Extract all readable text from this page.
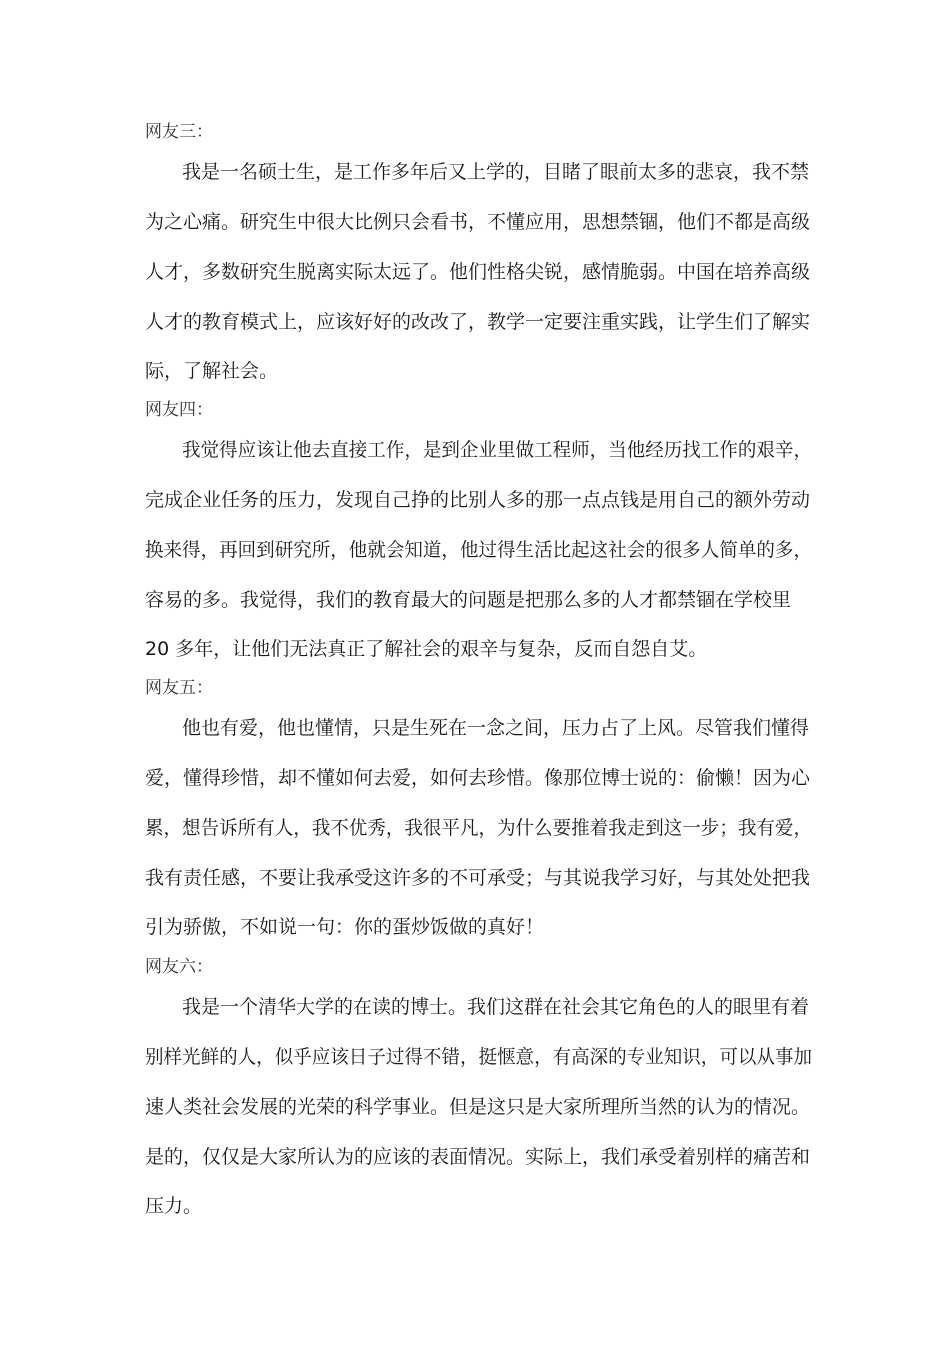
网友三：
我是一名硕士生，是工作多年后又上学的，目睹了眼前太多的悲哀，我不禁
为之心痛。研究生中很大比例只会看书，不懂应用，思想禁锢，他们不都是高级
人才，多数研究生脱离实际太远了。他们性格尖锐，感情脆弱。中国在培养高级
人才的教育模式上，应该好好的改改了，教学一定要注重实践，让学生们了解实
际，了解社会。
网友四：
我觉得应该让他去直接工作，是到企业里做工程师，当他经历找工作的艰辛，
完成企业任务的压力，发现自己挣的比别人多的那一点点钱是用自己的额外劳动
换来得，再回到研究所，他就会知道，他过得生活比起这社会的很多人简单的多，
容易的多。我觉得，我们的教育最大的问题是把那么多的人才都禁锢在学校里
20 多年，让他们无法真正了解社会的艰辛与复杂，反而自怨自艾。
网友五：
他也有爱，他也懂情，只是生死在一念之间，压力占了上风。尽管我们懂得
爱，懂得珍惜，却不懂如何去爱，如何去珍惜。像那位博士说的：偷懒！因为心
累，想告诉所有人，我不优秀，我很平凡，为什么要推着我走到这一步；我有爱，
我有责任感，不要让我承受这许多的不可承受；与其说我学习好，与其处处把我
引为骄傲，不如说一句：你的蛋炒饭做的真好！
网友六：
我是一个清华大学的在读的博士。我们这群在社会其它角色的人的眼里有着
别样光鲜的人，似乎应该日子过得不错，挺惬意，有高深的专业知识，可以从事加
速人类社会发展的光荣的科学事业。但是这只是大家所理所当然的认为的情况。
是的，仅仅是大家所认为的应该的表面情况。实际上，我们承受着别样的痛苦和
压力。
